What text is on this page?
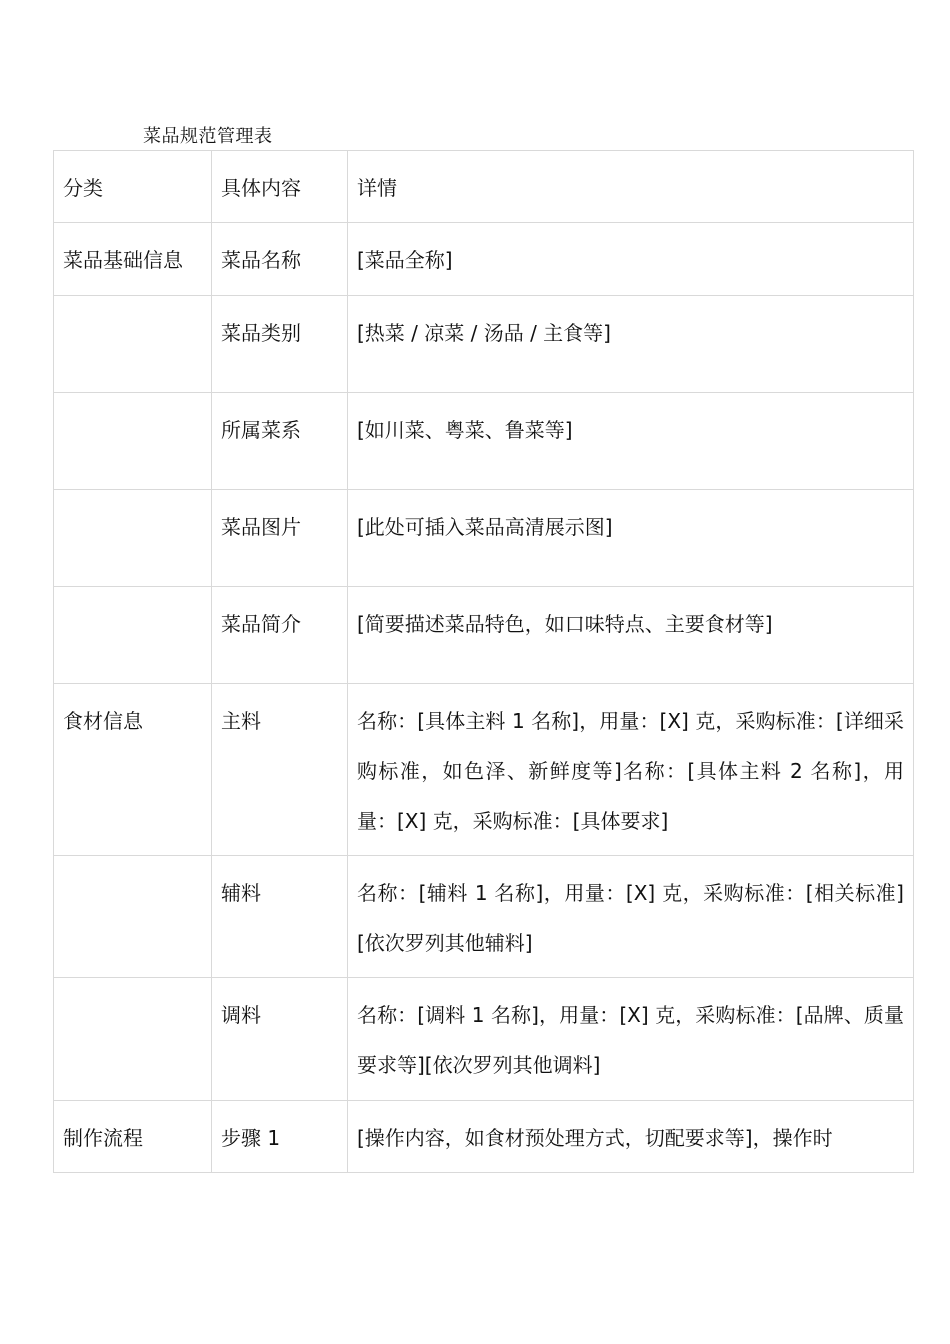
菜品规范管理表
分类	具体内容	详情
菜品基础信息	菜品名称	[菜品全称]
	菜品类别	[热菜 / 凉菜 / 汤品 / 主食等]
	所属菜系	[如川菜、粤菜、鲁菜等]
	菜品图片	[此处可插入菜品高清展示图]
	菜品简介	[简要描述菜品特色，如口味特点、主要食材等]
食材信息	主料	名称：[具体主料 1 名称]，用量：[X] 克，采购标准：[详细采购标准，如色泽、新鲜度等]名称：[具体主料 2 名称]，用量：[X] 克，采购标准：[具体要求]
	辅料	名称：[辅料 1 名称]，用量：[X] 克，采购标准：[相关标准][依次罗列其他辅料]
	调料	名称：[调料 1 名称]，用量：[X] 克，采购标准：[品牌、质量要求等][依次罗列其他调料]
制作流程	步骤 1	[操作内容，如食材预处理方式，切配要求等]，操作时
